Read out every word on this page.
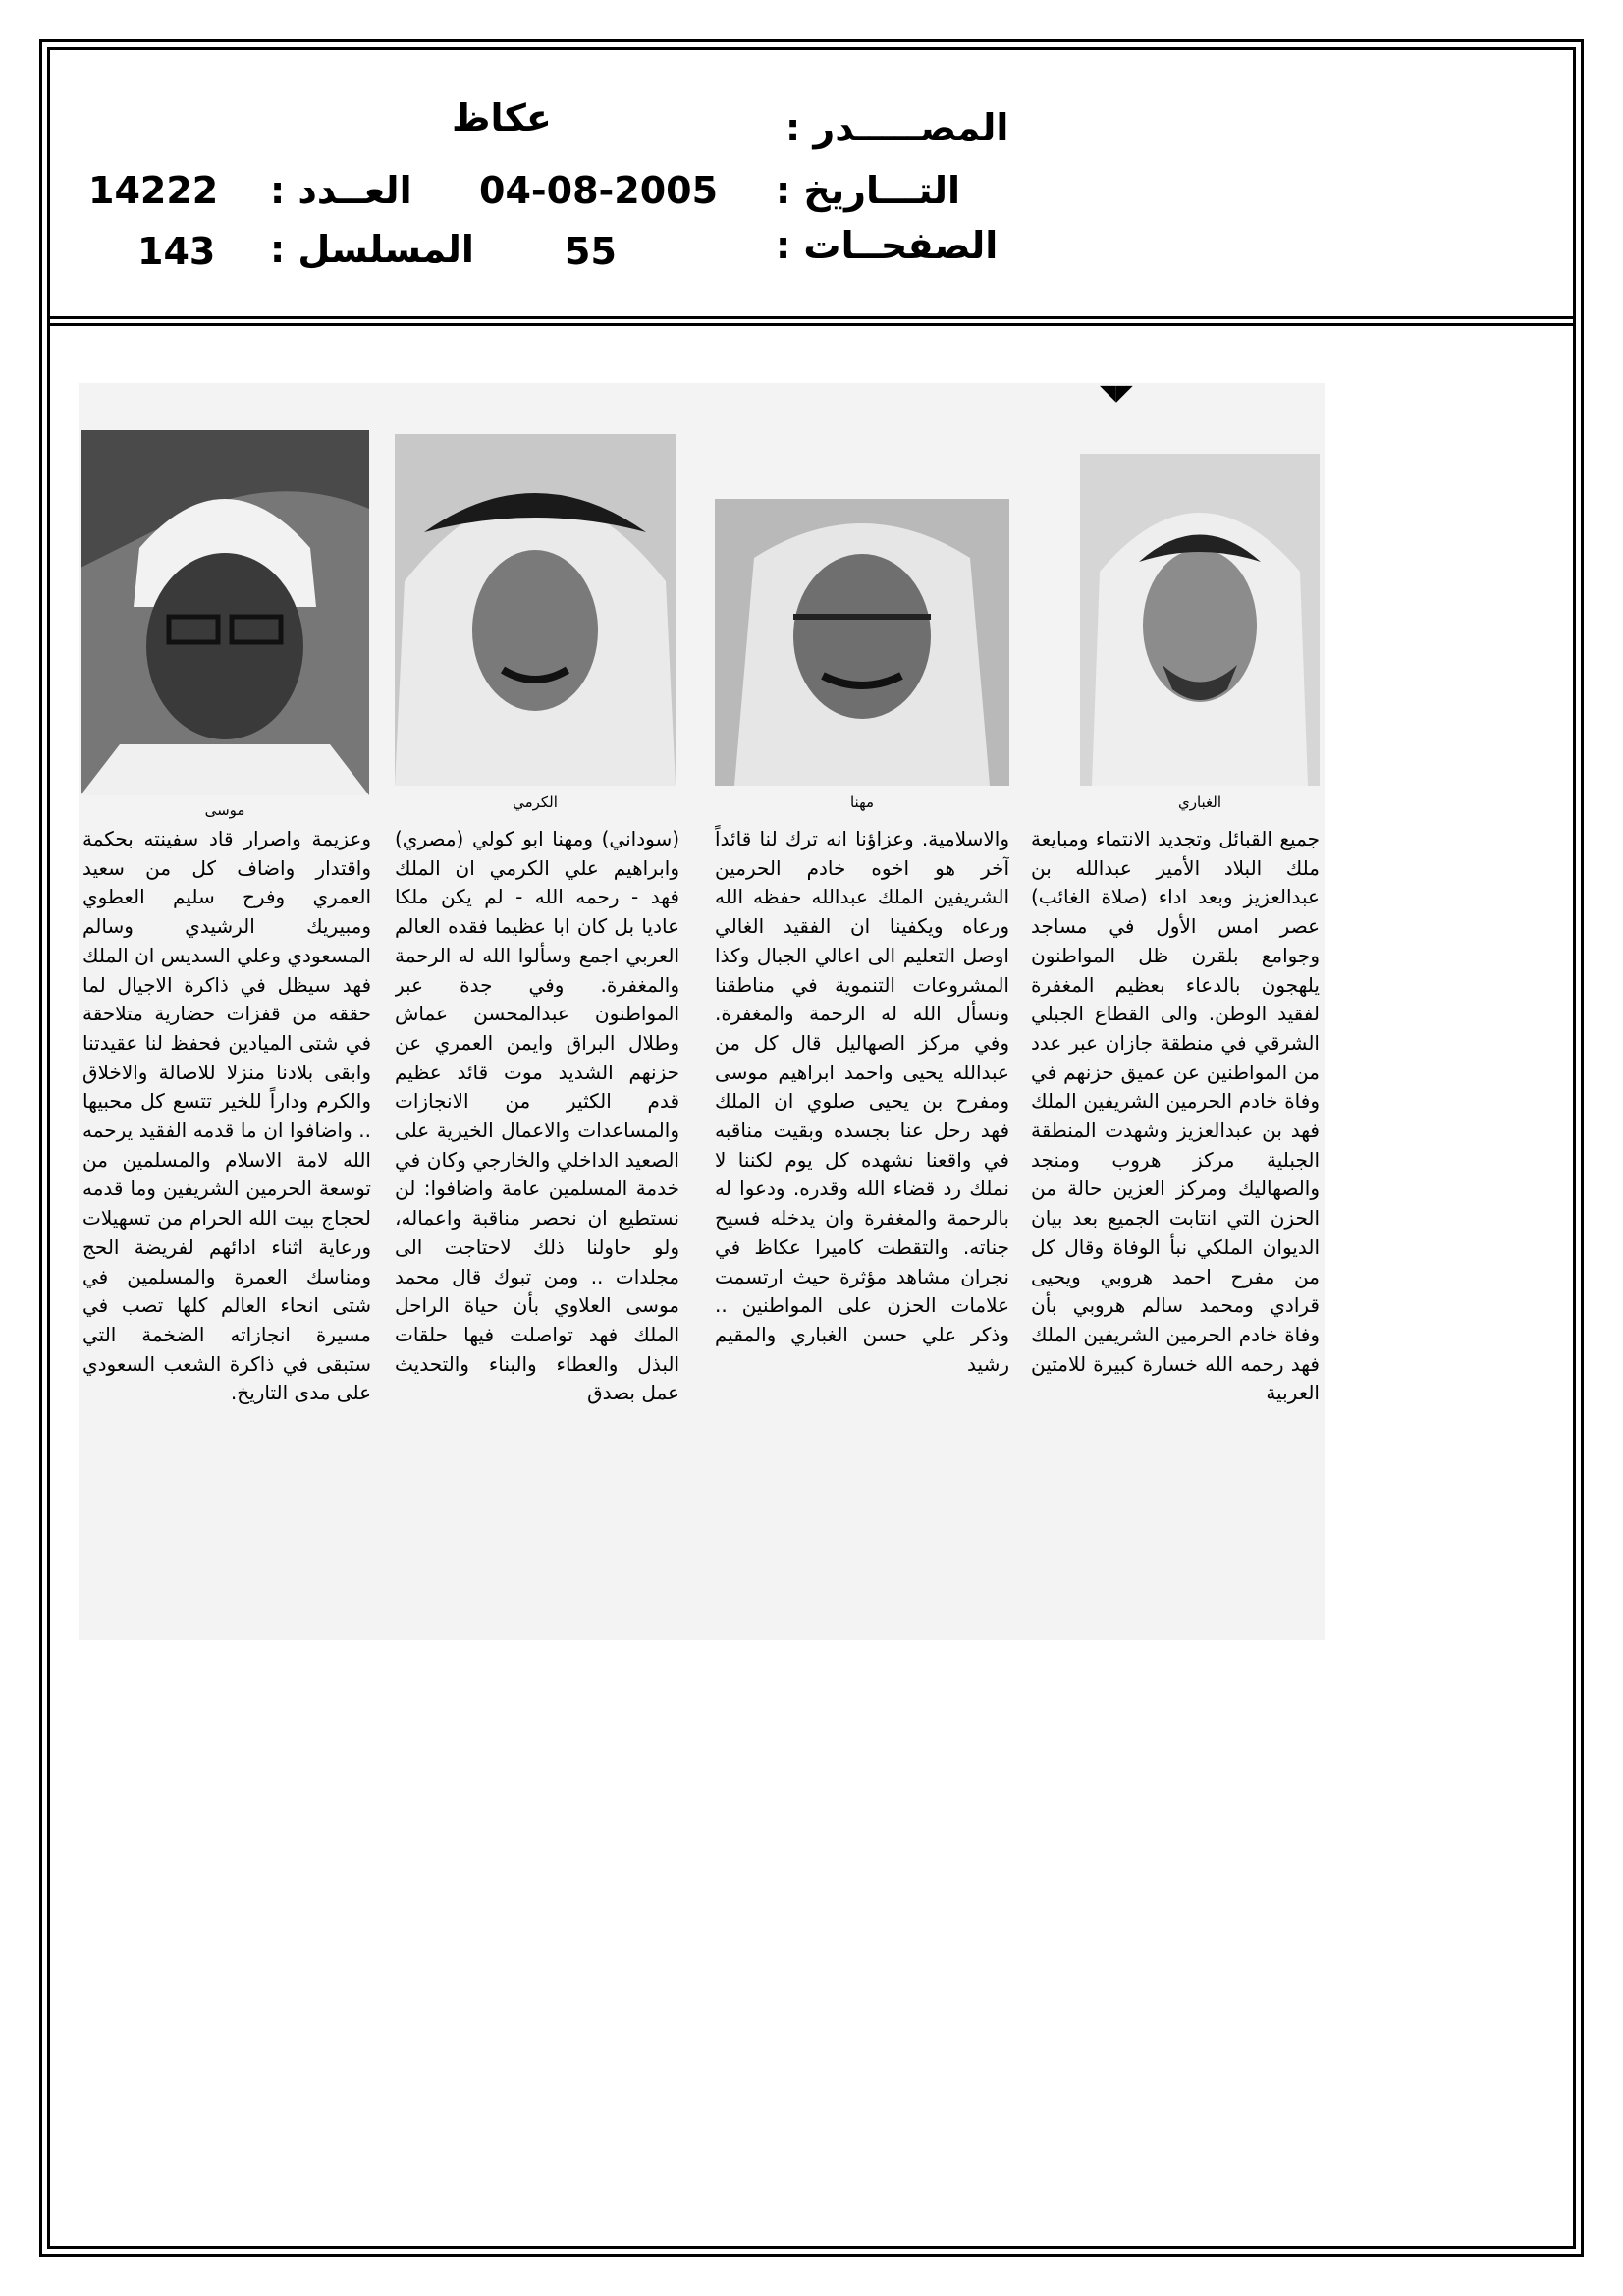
المصـــــدر :
عكاظ
التـــاريخ :
04-08-2005
الصفحــات :
55
العــدد :
14222
المسلسل :
143
◥◤
الغباري
مهنا
الكرمي
موسى
جميع القبائل وتجديد الانتماء ومبايعة ملك البلاد الأمير عبدالله بن عبدالعزيز وبعد اداء (صلاة الغائب) عصر امس الأول في مساجد وجوامع بلقرن ظل المواطنون يلهجون بالدعاء بعظيم المغفرة لفقيد الوطن. والى القطاع الجبلي الشرقي في منطقة جازان عبر عدد من المواطنين عن عميق حزنهم في وفاة خادم الحرمين الشريفين الملك فهد بن عبدالعزيز وشهدت المنطقة الجبلية مركز هروب ومنجد والصهاليك ومركز العزين حالة من الحزن التي انتابت الجميع بعد بيان الديوان الملكي نبأ الوفاة وقال كل من مفرح احمد هروبي ويحيى قرادي ومحمد سالم هروبي بأن وفاة خادم الحرمين الشريفين الملك فهد رحمه الله خسارة كبيرة للامتين العربية
والاسلامية. وعزاؤنا انه ترك لنا قائداً آخر هو اخوه خادم الحرمين الشريفين الملك عبدالله حفظه الله ورعاه ويكفينا ان الفقيد الغالي اوصل التعليم الى اعالي الجبال وكذا المشروعات التنموية في مناطقنا ونسأل الله له الرحمة والمغفرة. وفي مركز الصهاليل قال كل من عبدالله يحيى واحمد ابراهيم موسى ومفرح بن يحيى صلوي ان الملك فهد رحل عنا بجسده وبقيت مناقبه في واقعنا نشهده كل يوم لكننا لا نملك رد قضاء الله وقدره. ودعوا له بالرحمة والمغفرة وان يدخله فسيح جناته. والتقطت كاميرا عكاظ في نجران مشاهد مؤثرة حيث ارتسمت علامات الحزن على المواطنين .. وذكر علي حسن الغباري والمقيم رشيد
(سوداني) ومهنا ابو كولي (مصري) وابراهيم علي الكرمي ان الملك فهد - رحمه الله - لم يكن ملكا عاديا بل كان ابا عظيما فقده العالم العربي اجمع وسألوا الله له الرحمة والمغفرة. وفي جدة عبر المواطنون عبدالمحسن عماش وطلال البراق وايمن العمري عن حزنهم الشديد موت قائد عظيم قدم الكثير من الانجازات والمساعدات والاعمال الخيرية على الصعيد الداخلي والخارجي وكان في خدمة المسلمين عامة واضافوا: لن نستطيع ان نحصر مناقبة واعماله، ولو حاولنا ذلك لاحتاجت الى مجلدات .. ومن تبوك قال محمد موسى العلاوي بأن حياة الراحل الملك فهد تواصلت فيها حلقات البذل والعطاء والبناء والتحديث عمل بصدق
وعزيمة واصرار قاد سفينته بحكمة واقتدار واضاف كل من سعيد العمري وفرح سليم العطوي ومبيريك الرشيدي وسالم المسعودي وعلي السديس ان الملك فهد سيظل في ذاكرة الاجيال لما حققه من قفزات حضارية متلاحقة في شتى الميادين فحفظ لنا عقيدتنا وابقى بلادنا منزلا للاصالة والاخلاق والكرم وداراً للخير تتسع كل محبيها .. واضافوا ان ما قدمه الفقيد يرحمه الله لامة الاسلام والمسلمين من توسعة الحرمين الشريفين وما قدمه لحجاج بيت الله الحرام من تسهيلات ورعاية اثناء ادائهم لفريضة الحج ومناسك العمرة والمسلمين في شتى انحاء العالم كلها تصب في مسيرة انجازاته الضخمة التي ستبقى في ذاكرة الشعب السعودي على مدى التاريخ.
